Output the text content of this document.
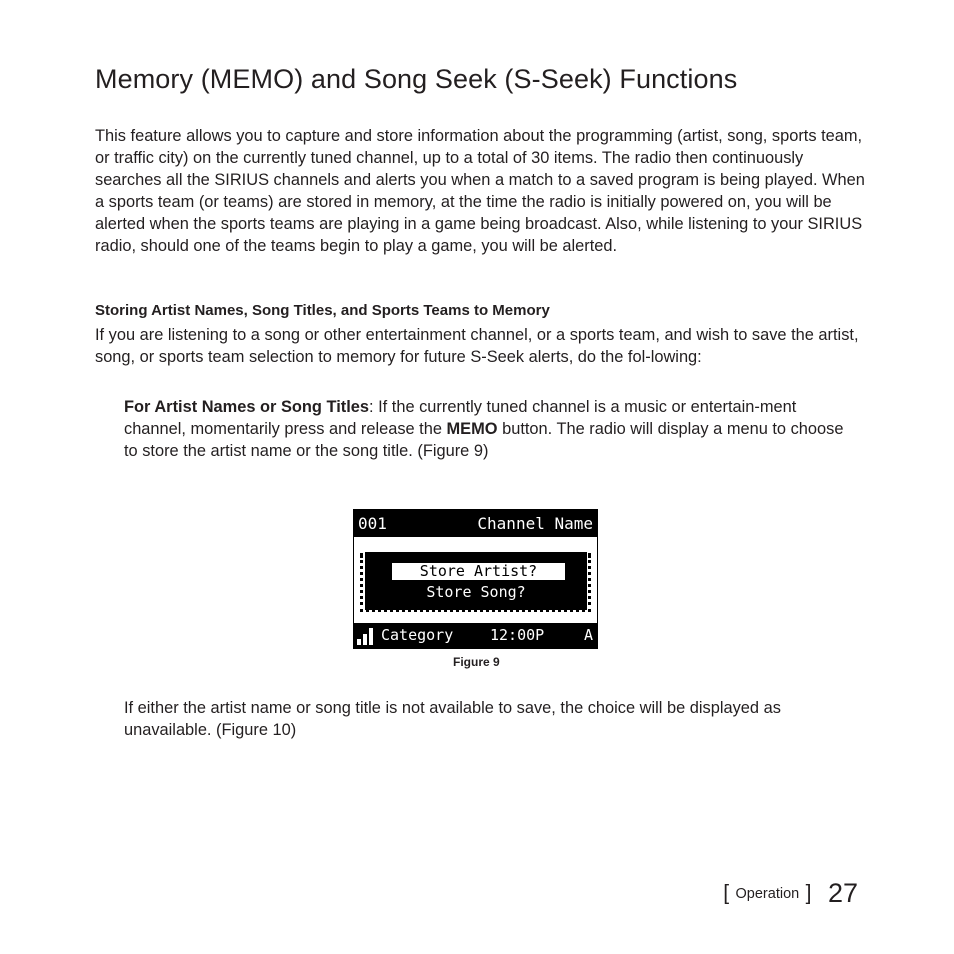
Memory (MEMO) and Song Seek (S-Seek) Functions

This feature allows you to capture and store information about the programming (artist, song, sports team, or traffic city) on the currently tuned channel, up to a total of 30 items. The radio then continuously searches all the SIRIUS channels and alerts you when a match to a saved program is being played. When a sports team (or teams) are stored in memory, at the time the radio is initially powered on, you will be alerted when the sports teams are playing in a game being broadcast. Also, while listening to your SIRIUS radio, should one of the teams begin to play a game, you will be alerted.

Storing Artist Names, Song Titles, and Sports Teams to Memory

If you are listening to a song or other entertainment channel, or a sports team, and wish to save the artist, song, or sports team selection to memory for future S-Seek alerts, do the fol-lowing:

For Artist Names or Song Titles: If the currently tuned channel is a music or entertain-ment channel, momentarily press and release the MEMO button. The radio will display a menu to choose to store the artist name or the song title. (Figure 9)

001	Channel Name
Store Artist?
Store Song?
Category 12:00P	A

Figure 9

If either the artist name or song title is not available to save, the choice will be displayed as unavailable. (Figure 10)

[ Operation ] 27
